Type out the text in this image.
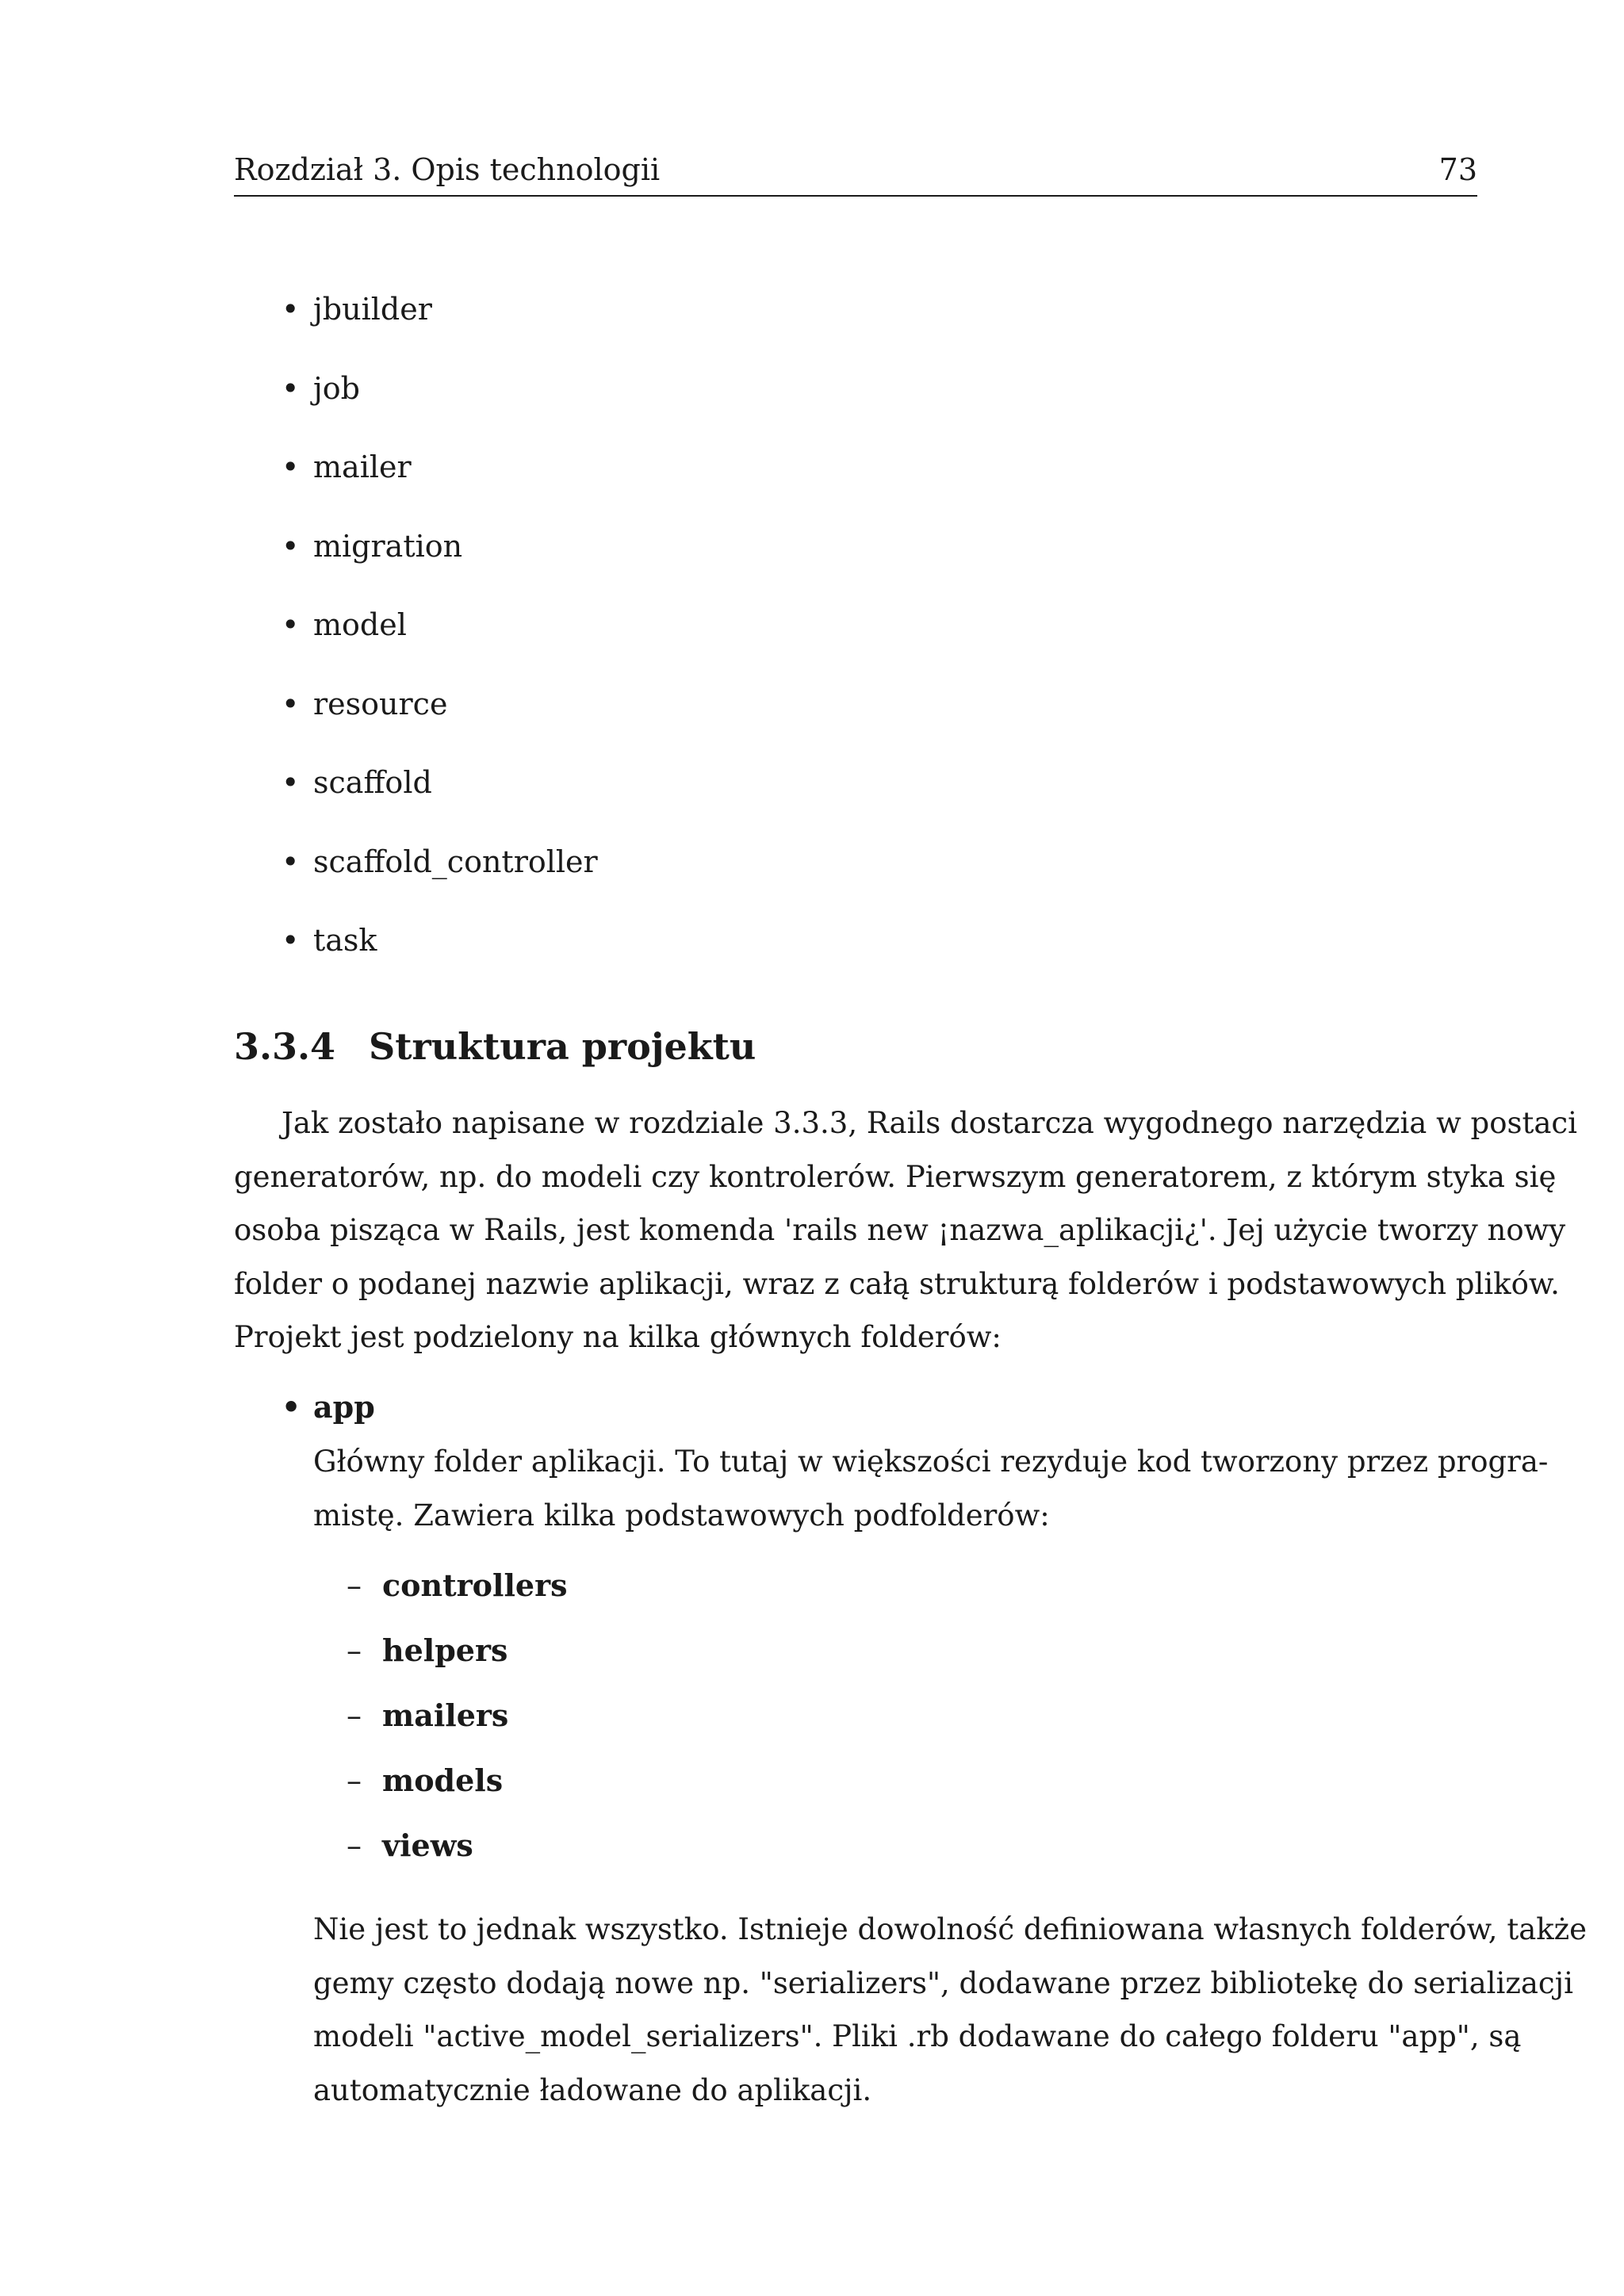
Rozdział 3. Opis technologii	73
• jbuilder
• job
• mailer
• migration
• model
• resource
• scaffold
• scaffold_controller
• task
3.3.4 Struktura projektu
Jak zostało napisane w rozdziale 3.3.3, Rails dostarcza wygodnego narzędzia w postaci
generatorów, np. do modeli czy kontrolerów. Pierwszym generatorem, z którym styka się
osoba pisząca w Rails, jest komenda 'rails new ¡nazwa_aplikacji¿'. Jej użycie tworzy nowy
folder o podanej nazwie aplikacji, wraz z całą strukturą folderów i podstawowych plików.
Projekt jest podzielony na kilka głównych folderów:
• app
Główny folder aplikacji. To tutaj w większości rezyduje kod tworzony przez progra-
mistę. Zawiera kilka podstawowych podfolderów:
– controllers
– helpers
– mailers
– models
– views
Nie jest to jednak wszystko. Istnieje dowolność definiowana własnych folderów, także
gemy często dodają nowe np. "serializers", dodawane przez bibliotekę do serializacji
modeli "active_model_serializers". Pliki .rb dodawane do całego folderu "app", są
automatycznie ładowane do aplikacji.
